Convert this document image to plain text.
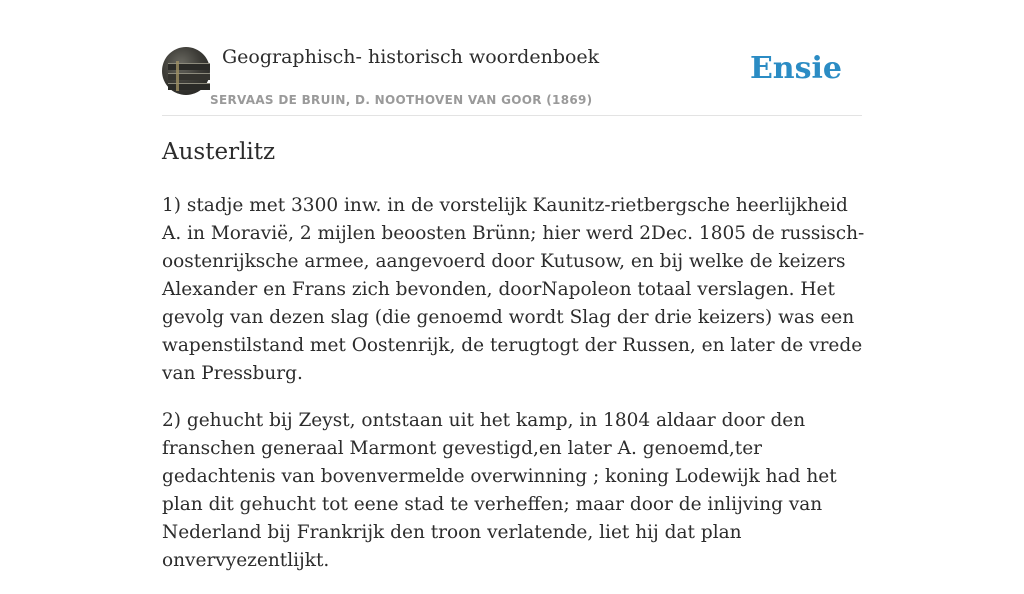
Geographisch- historisch woordenboek
SERVAAS DE BRUIN, D. NOOTHOVEN VAN GOOR (1869)
Ensie
Austerlitz

1) stadje met 3300 inw. in de vorstelijk Kaunitz-rietbergsche heerlijkheid A. in Moravië, 2 mijlen beoosten Brünn; hier werd 2Dec. 1805 de russisch-oostenrijksche armee, aangevoerd door Kutusow, en bij welke de keizers Alexander en Frans zich bevonden, doorNapoleon totaal verslagen. Het gevolg van dezen slag (die genoemd wordt Slag der drie keizers) was een wapenstilstand met Oostenrijk, de terugtogt der Russen, en later de vrede van Pressburg.

2) gehucht bij Zeyst, ontstaan uit het kamp, in 1804 aldaar door den franschen generaal Marmont gevestigd,en later A. genoemd,ter gedachtenis van bovenvermelde overwinning ; koning Lodewijk had het plan dit gehucht tot eene stad te verheffen; maar door de inlijving van Nederland bij Frankrijk den troon verlatende, liet hij dat plan onvervyezentlijkt.
